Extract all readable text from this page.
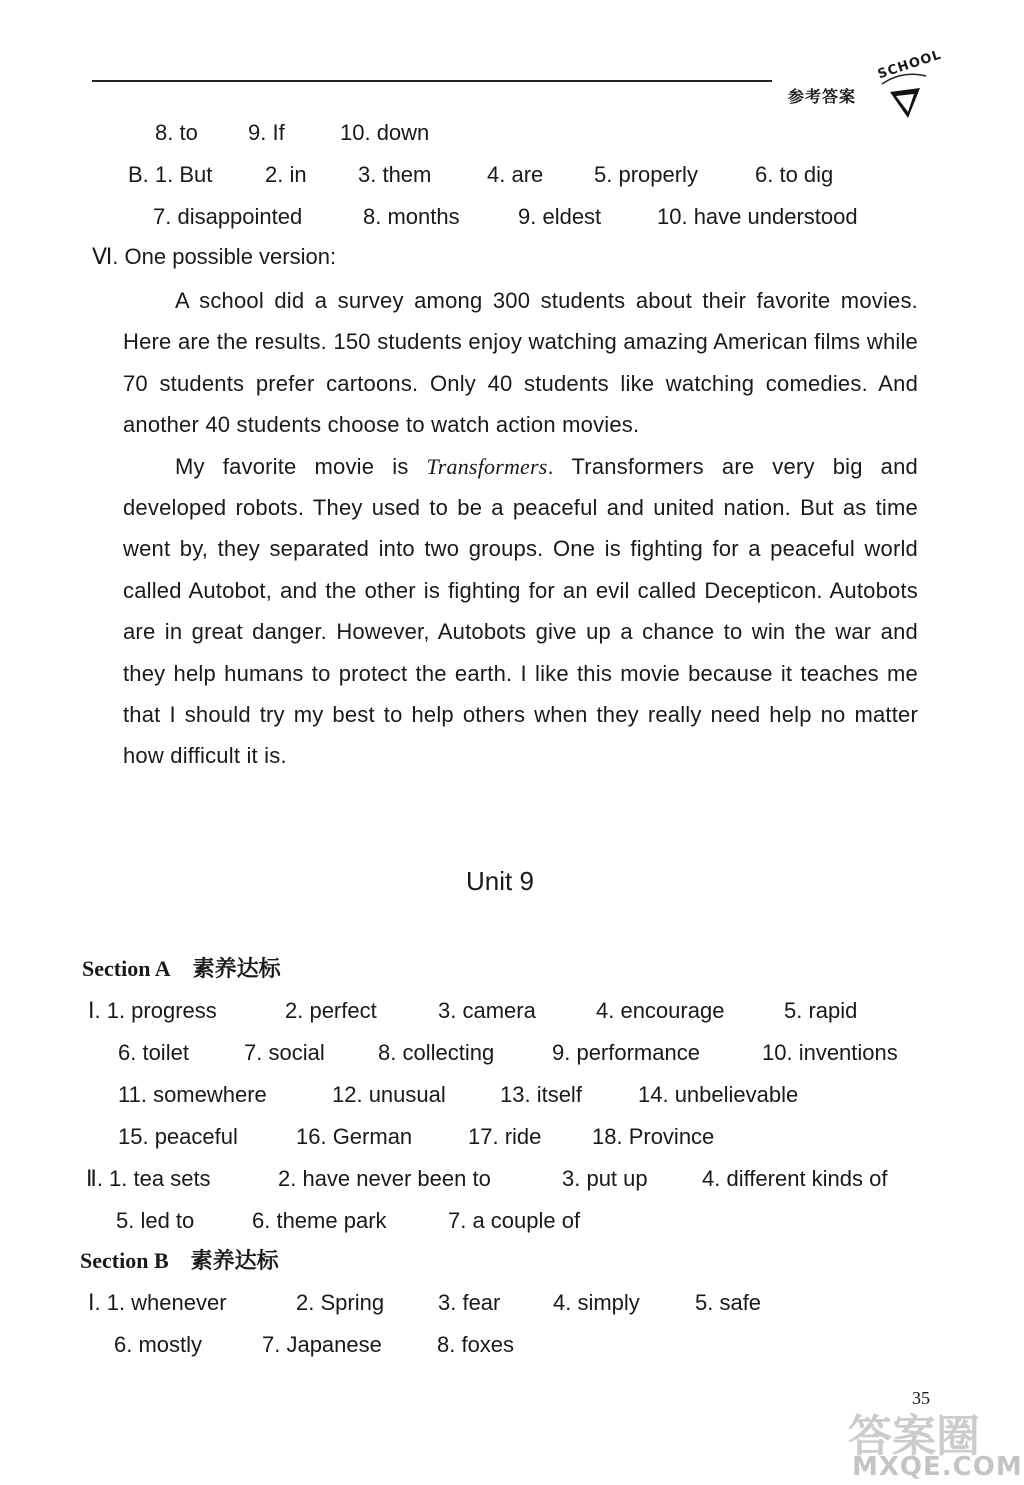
参考答案
SCHOOL
8. to 9. If	10. down
B. 1. But 2. in 3. them	4. are 5. properly	6. to dig
7. disappointed	8. months	9. eldest	10. have understood
Ⅵ. One possible version:

A school did a survey among 300 students about their favorite movies. Here are the results. 150 students enjoy watching amazing American films while 70 students prefer cartoons. Only 40 students like watching comedies. And another 40 students choose to watch action movies.

My favorite movie is Transformers. Transformers are very big and developed robots. They used to be a peaceful and united nation. But as time went by, they separated into two groups. One is fighting for a peaceful world called Autobot, and the other is fighting for an evil called Decepticon. Autobots are in great danger. However, Autobots give up a chance to win the war and they help humans to protect the earth. I like this movie because it teaches me that I should try my best to help others when they really need help no matter how difficult it is.

Unit 9
Section A 素养达标
Ⅰ. 1. progress	2. perfect	3. camera	4. encourage	5. rapid
6. toilet	7. social 8. collecting	9. performance	10. inventions
11. somewhere	12. unusual 13. itself	14. unbelievable
15. peaceful	16. German	17. ride 18. Province
Ⅱ. 1. tea sets	2. have never been to	3. put up 4. different kinds of
5. led to	6. theme park	7. a couple of
Section B 素养达标
Ⅰ. 1. whenever	2. Spring 3. fear 4. simply	5. safe
6. mostly	7. Japanese	8. foxes
35
答案圈
MXQE.COM
